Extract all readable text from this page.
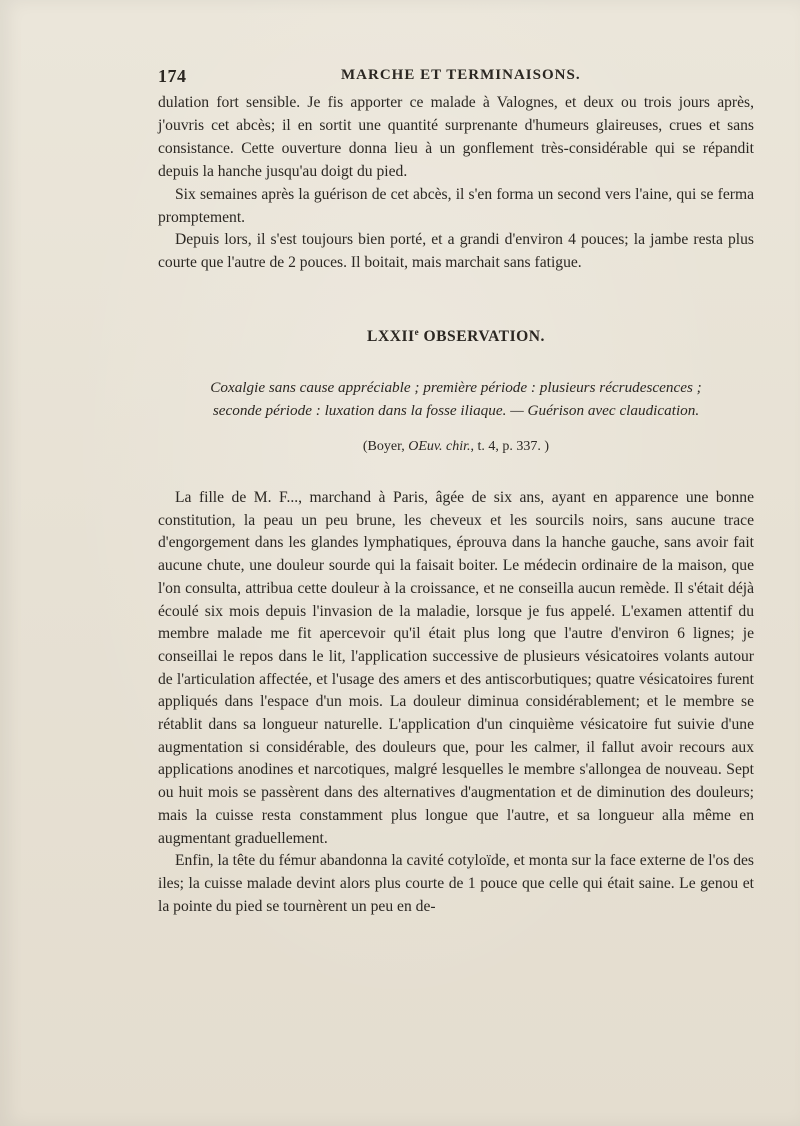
174	MARCHE ET TERMINAISONS.

dulation fort sensible. Je fis apporter ce malade à Valognes, et deux ou trois jours après, j'ouvris cet abcès; il en sortit une quantité surprenante d'humeurs glaireuses, crues et sans consistance. Cette ouverture donna lieu à un gonflement très-considérable qui se répandit depuis la hanche jusqu'au doigt du pied.

Six semaines après la guérison de cet abcès, il s'en forma un second vers l'aine, qui se ferma promptement.

Depuis lors, il s'est toujours bien porté, et a grandi d'environ 4 pouces; la jambe resta plus courte que l'autre de 2 pouces. Il boitait, mais marchait sans fatigue.

LXXIIe OBSERVATION.
Coxalgie sans cause appréciable ; première période : plusieurs récrudescences ;
seconde période : luxation dans la fosse iliaque. — Guérison avec claudication.
(Boyer, OEuv. chir., t. 4, p. 337. )

La fille de M. F..., marchand à Paris, âgée de six ans, ayant en apparence une bonne constitution, la peau un peu brune, les cheveux et les sourcils noirs, sans aucune trace d'engorgement dans les glandes lymphatiques, éprouva dans la hanche gauche, sans avoir fait aucune chute, une douleur sourde qui la faisait boiter. Le médecin ordinaire de la maison, que l'on consulta, attribua cette douleur à la croissance, et ne conseilla aucun remède. Il s'était déjà écoulé six mois depuis l'invasion de la maladie, lorsque je fus appelé. L'examen attentif du membre malade me fit apercevoir qu'il était plus long que l'autre d'environ 6 lignes; je conseillai le repos dans le lit, l'application successive de plusieurs vésicatoires volants autour de l'articulation affectée, et l'usage des amers et des antiscorbutiques; quatre vésicatoires furent appliqués dans l'espace d'un mois. La douleur diminua considérablement; et le membre se rétablit dans sa longueur naturelle. L'application d'un cinquième vésicatoire fut suivie d'une augmentation si considérable, des douleurs que, pour les calmer, il fallut avoir recours aux applications anodines et narcotiques, malgré lesquelles le membre s'allongea de nouveau. Sept ou huit mois se passèrent dans des alternatives d'augmentation et de diminution des douleurs; mais la cuisse resta constamment plus longue que l'autre, et sa longueur alla même en augmentant graduellement.

Enfin, la tête du fémur abandonna la cavité cotyloïde, et monta sur la face externe de l'os des iles; la cuisse malade devint alors plus courte de 1 pouce que celle qui était saine. Le genou et la pointe du pied se tournèrent un peu en de-
